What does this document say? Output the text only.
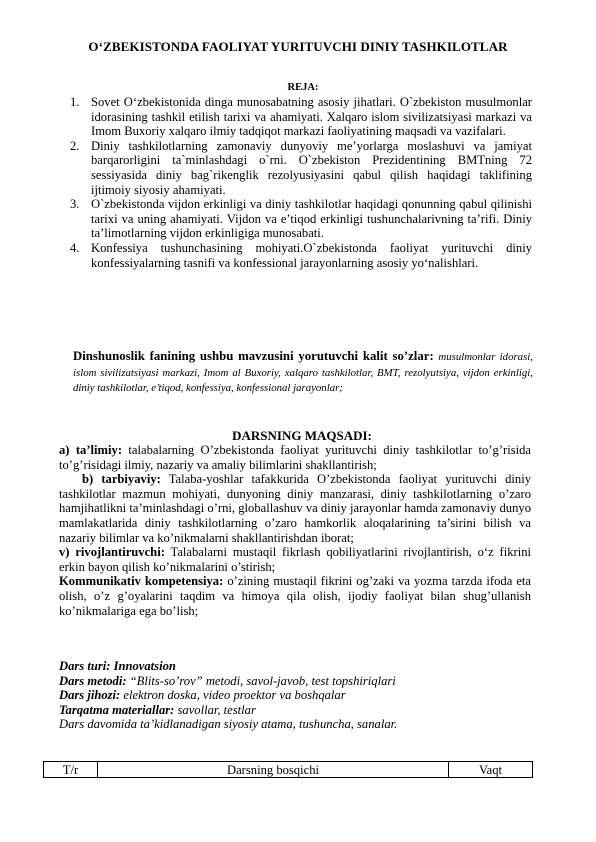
O‘ZBEKISTONDA FAOLIYAT YURITUVCHI DINIY TASHKILOTLAR
REJA:
1. Sovet O‘zbekistonida dinga munosabatning asosiy jihatlari. O`zbekiston musulmonlar idorasining tashkil etilish tarixi va ahamiyati. Xalqaro islom sivilizatsiyasi markazi va Imom Buxoriy xalqaro ilmiy tadqiqot markazi faoliyatining maqsadi va vazifalari.
2. Diniy tashkilotlarning zamonaviy dunyoviy me’yorlarga moslashuvi va jamiyat barqarorligini ta`minlashdagi o`rni. O`zbekiston Prezidentining BMTning 72 sessiyasida diniy bag`rikenglik rezolyusiyasini qabul qilish haqidagi taklifining ijtimoiy siyosiy ahamiyati.
3. O`zbekistonda vijdon erkinligi va diniy tashkilotlar haqidagi qonunning qabul qilinishi tarixi va uning ahamiyati. Vijdon va e’tiqod erkinligi tushunchalarivning ta’rifi. Diniy ta’limotlarning vijdon erkinligiga munosabati.
4. Konfessiya tushunchasining mohiyati.O`zbekistonda faoliyat yurituvchi diniy konfessiyalarning tasnifi va konfessional jarayonlarning asosiy yo‘nalishlari.
Dinshunoslik fanining ushbu mavzusini yorutuvchi kalit so’zlar: musulmonlar idorasi, islom sivilizatsiyasi markazi, Imom al Buxoriy, xalqaro tashkilotlar, BMT, rezolyutsiya, vijdon erkinligi, diniy tashkilotlar, e’tiqod, konfessiya, konfessional jarayonlar;
DARSNING MAQSADI:

a) ta’limiy: talabalarning O’zbekistonda faoliyat yurituvchi diniy tashkilotlar to’g’risida to’g’risidagi ilmiy, nazariy va amaliy bilimlarini shakllantirish;

b) tarbiyaviy: Talaba-yoshlar tafakkurida O’zbekistonda faoliyat yurituvchi diniy tashkilotlar mazmun mohiyati, dunyoning diniy manzarasi, diniy tashkilotlarning o’zaro hamjihatlikni ta’minlashdagi o’rni, globallashuv va diniy jarayonlar hamda zamonaviy dunyo mamlakatlarida diniy tashkilotlarning o’zaro hamkorlik aloqalarining ta’sirini bilish va nazariy bilimlar va ko’nikmalarni shakllantirishdan iborat;

v) rivojlantiruvchi: Talabalarni mustaqil fikrlash qobiliyatlarini rivojlantirish, o‘z fikrini erkin bayon qilish ko’nikmalarini o’stirish;

Kommunikativ kompetensiya: o’zining mustaqil fikrini og’zaki va yozma tarzda ifoda eta olish, o’z g’oyalarini taqdim va himoya qila olish, ijodiy faoliyat bilan shug’ullanish ko’nikmalariga ega bo’lish;

Dars turi: Innovatsion

Dars metodi: “Blits-so’rov” metodi, savol-javob, test topshiriqlari

Dars jihozi: elektron doska, video proektor va boshqalar

Tarqatma materiallar: savollar, testlar

Dars davomida ta’kidlanadigan siyosiy atama, tushuncha, sanalar.

T/r	Darsning bosqichi	Vaqt
